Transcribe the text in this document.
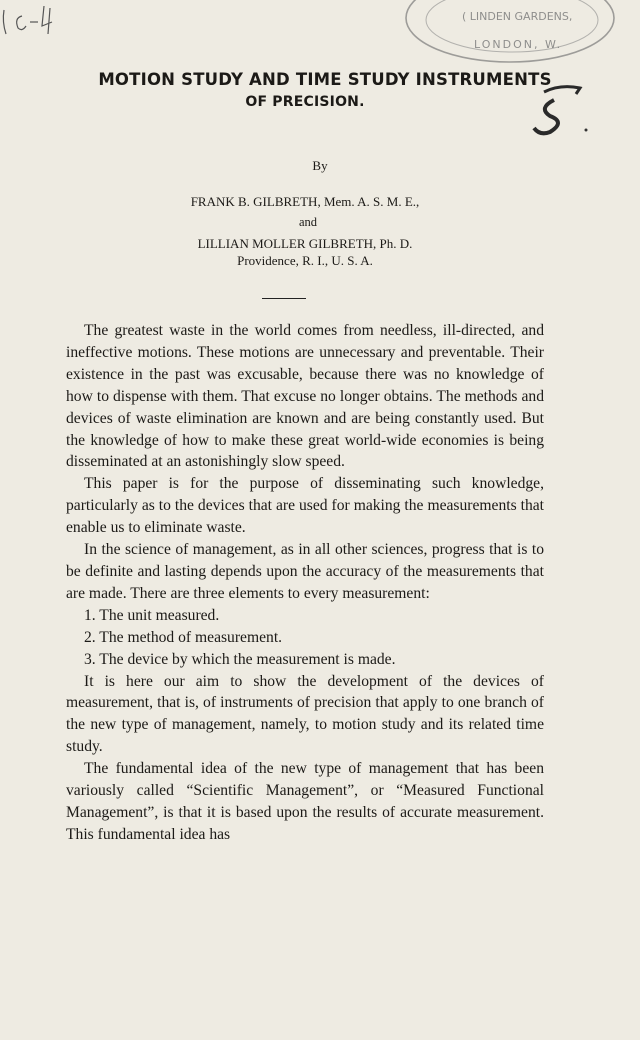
( LINDEN GARDENS,
LONDON, W.
MOTION STUDY AND TIME STUDY INSTRUMENTS
OF PRECISION.
By
FRANK B. GILBRETH, Mem. A. S. M. E.,
and
LILLIAN MOLLER GILBRETH, Ph. D.
Providence, R. I., U. S. A.

The greatest waste in the world comes from needless, ill-directed, and ineffective motions. These motions are unnecessary and preventable. Their existence in the past was excusable, because there was no knowledge of how to dispense with them. That excuse no longer obtains. The methods and devices of waste elimination are known and are being constantly used. But the knowledge of how to make these great world-wide economies is being disseminated at an astonishingly slow speed.

This paper is for the purpose of disseminating such knowledge, particularly as to the devices that are used for making the measurements that enable us to eliminate waste.

In the science of management, as in all other sciences, progress that is to be definite and lasting depends upon the accuracy of the measurements that are made. There are three elements to every measurement:

1. The unit measured.
2. The method of measurement.
3. The device by which the measurement is made.

It is here our aim to show the development of the devices of measurement, that is, of instruments of precision that apply to one branch of the new type of management, namely, to motion study and its related time study.

The fundamental idea of the new type of management that has been variously called “Scientific Management”, or “Measured Functional Management”, is that it is based upon the results of accurate measurement. This fundamental idea has
